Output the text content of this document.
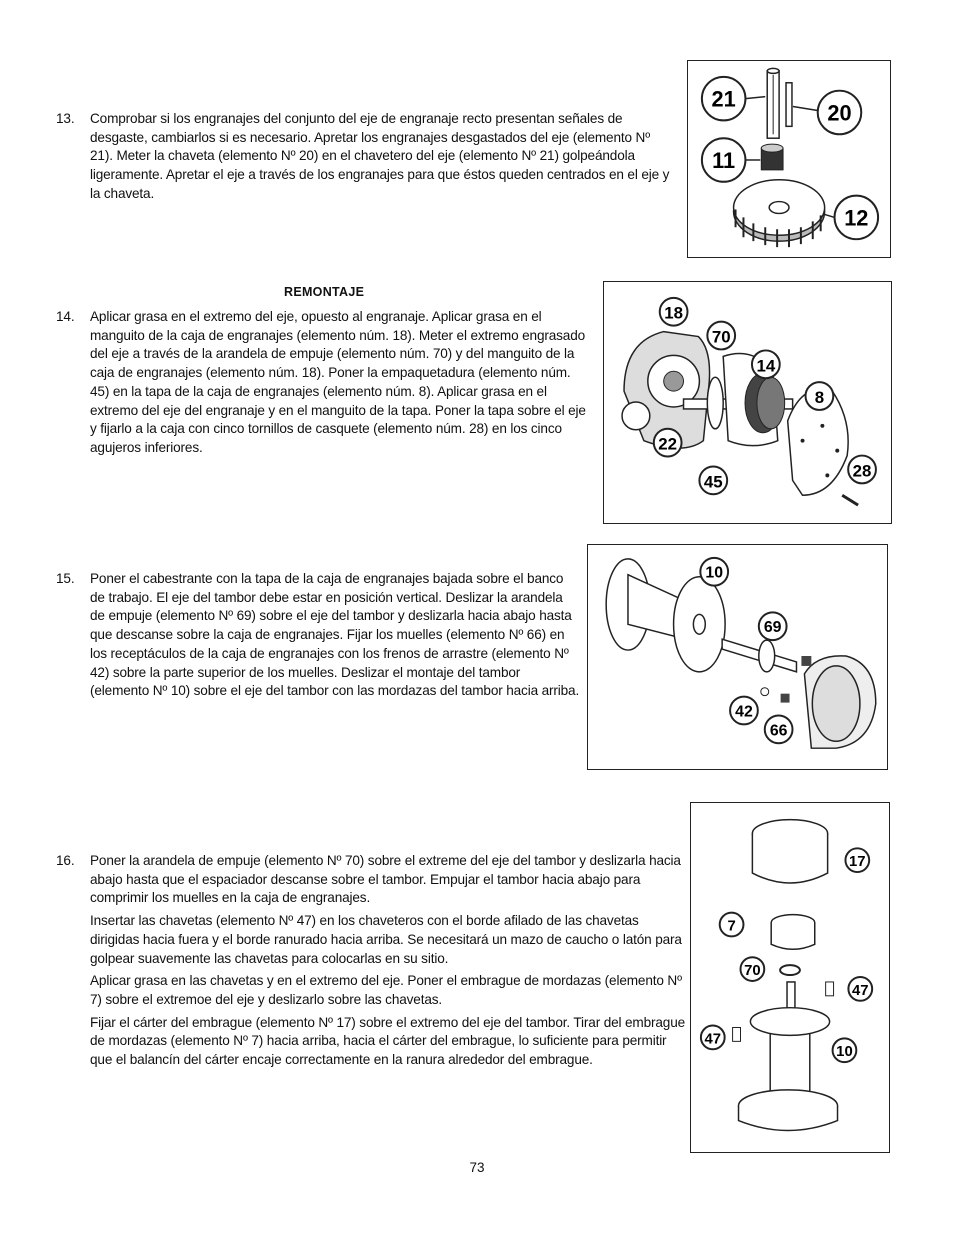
13. Comprobar si los engranajes del conjunto del eje de engranaje recto presentan señales de desgaste, cambiarlos si es necesario. Apretar los engranajes desgastados del eje (elemento Nº 21). Meter la chaveta (elemento Nº 20) en el chavetero del eje (elemento Nº 21) golpeándola ligeramente. Apretar el eje a través de los engranajes para que éstos queden centrados en el eje y la chaveta.

21
20
11
12
REMONTAJE
14. Aplicar grasa en el extremo del eje, opuesto al engranaje. Aplicar grasa en el manguito de la caja de engranajes (elemento núm. 18). Meter el extremo engrasado del eje a través de la arandela de empuje (elemento núm. 70) y del manguito de la caja de engranajes (elemento núm. 18). Poner la empaquetadura (elemento núm. 45) en la tapa de la caja de engranajes (elemento núm. 8). Aplicar grasa en el extremo del eje del engranaje y en el manguito de la tapa. Poner la tapa sobre el eje y fijarlo a la caja con cinco tornillos de casquete (elemento núm. 28) en los cinco agujeros inferiores.

18
70
14
8
22
28
45
15. Poner el cabestrante con la tapa de la caja de engranajes bajada sobre el banco de trabajo. El eje del tambor debe estar en posición vertical. Deslizar la arandela de empuje (elemento Nº 69) sobre el eje del tambor y deslizarla hacia abajo hasta que descanse sobre la caja de engranajes. Fijar los muelles (elemento Nº 66) en los receptáculos de la caja de engranajes con los frenos de arrastre (elemento Nº 42) sobre la parte superior de los muelles. Deslizar el montaje del tambor (elemento Nº 10) sobre el eje del tambor con las mordazas del tambor hacia arriba.

10
69
42
66
16. Poner la arandela de empuje (elemento Nº 70) sobre el extreme del eje del tambor y deslizarla hacia abajo hasta que el espaciador descanse sobre el tambor. Empujar el tambor hacia abajo para comprimir los muelles en la caja de engranajes.

Insertar las chavetas (elemento Nº 47) en los chaveteros con el borde afilado de las chavetas dirigidas hacia fuera y el borde ranurado hacia arriba. Se necesitará un mazo de caucho o latón para golpear suavemente las chavetas para colocarlas en su sitio.

Aplicar grasa en las chavetas y en el extremo del eje. Poner el embrague de mordazas (elemento Nº 7) sobre el extremoe del eje y deslizarlo sobre las chavetas.

Fijar el cárter del embrague (elemento Nº 17) sobre el extremo del eje del tambor. Tirar del embrague de mordazas (elemento Nº 7) hacia arriba, hacia el cárter del embrague, lo suficiente para permitir que el balancín del cárter encaje correctamente en la ranura alrededor del embrague.

17
7
70
47
47
10
73
